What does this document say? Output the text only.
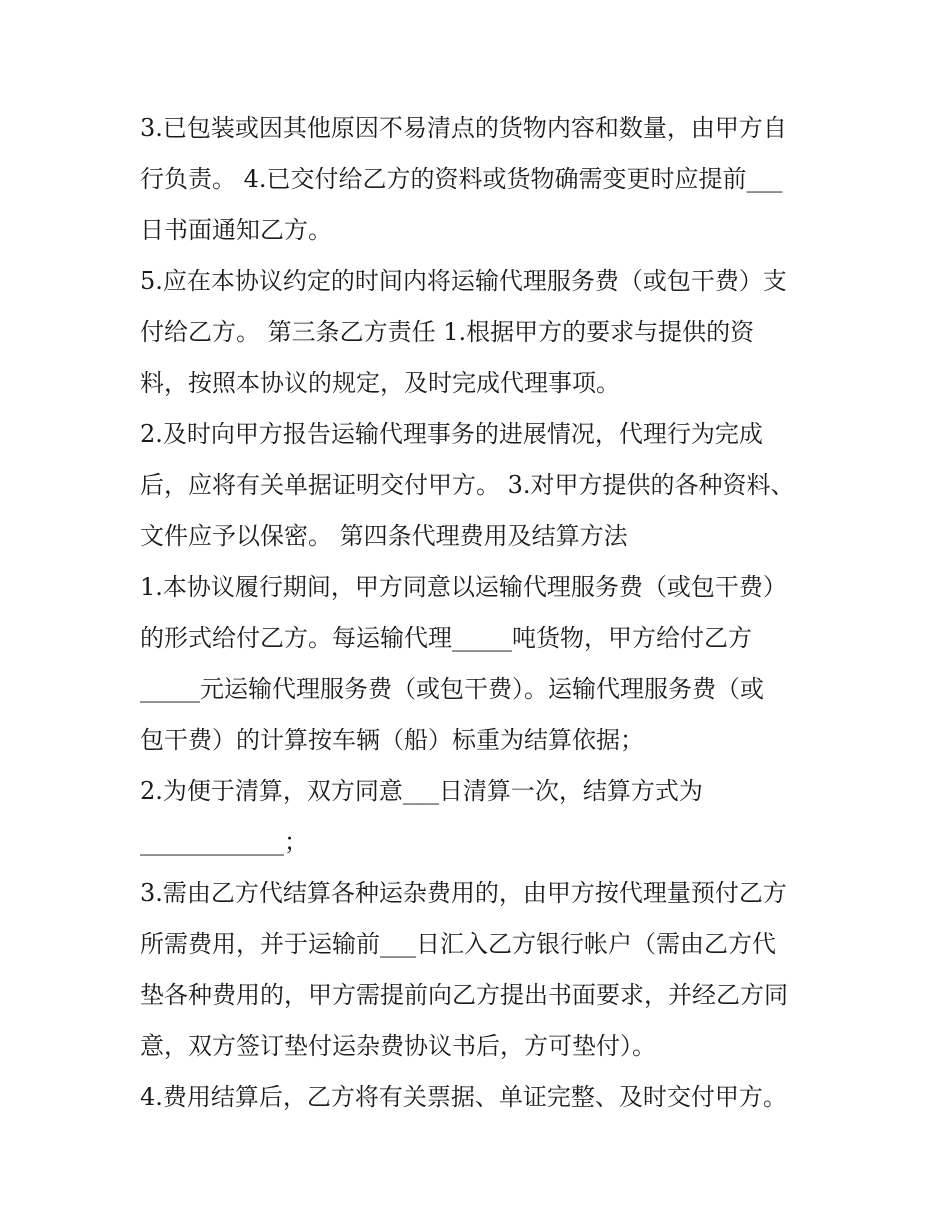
3.已包装或因其他原因不易清点的货物内容和数量，由甲方自
行负责。 4.已交付给乙方的资料或货物确需变更时应提前___
日书面通知乙方。
5.应在本协议约定的时间内将运输代理服务费（或包干费）支
付给乙方。 第三条乙方责任 1.根据甲方的要求与提供的资
料，按照本协议的规定，及时完成代理事项。
2.及时向甲方报告运输代理事务的进展情况，代理行为完成
后，应将有关单据证明交付甲方。 3.对甲方提供的各种资料、
文件应予以保密。 第四条代理费用及结算方法
1.本协议履行期间，甲方同意以运输代理服务费（或包干费）
的形式给付乙方。每运输代理_____吨货物，甲方给付乙方
_____元运输代理服务费（或包干费）。运输代理服务费（或
包干费）的计算按车辆（船）标重为结算依据；
2.为便于清算，双方同意___日清算一次，结算方式为
____________；
3.需由乙方代结算各种运杂费用的，由甲方按代理量预付乙方
所需费用，并于运输前___日汇入乙方银行帐户（需由乙方代
垫各种费用的，甲方需提前向乙方提出书面要求，并经乙方同
意，双方签订垫付运杂费协议书后，方可垫付）。
4.费用结算后，乙方将有关票据、单证完整、及时交付甲方。
